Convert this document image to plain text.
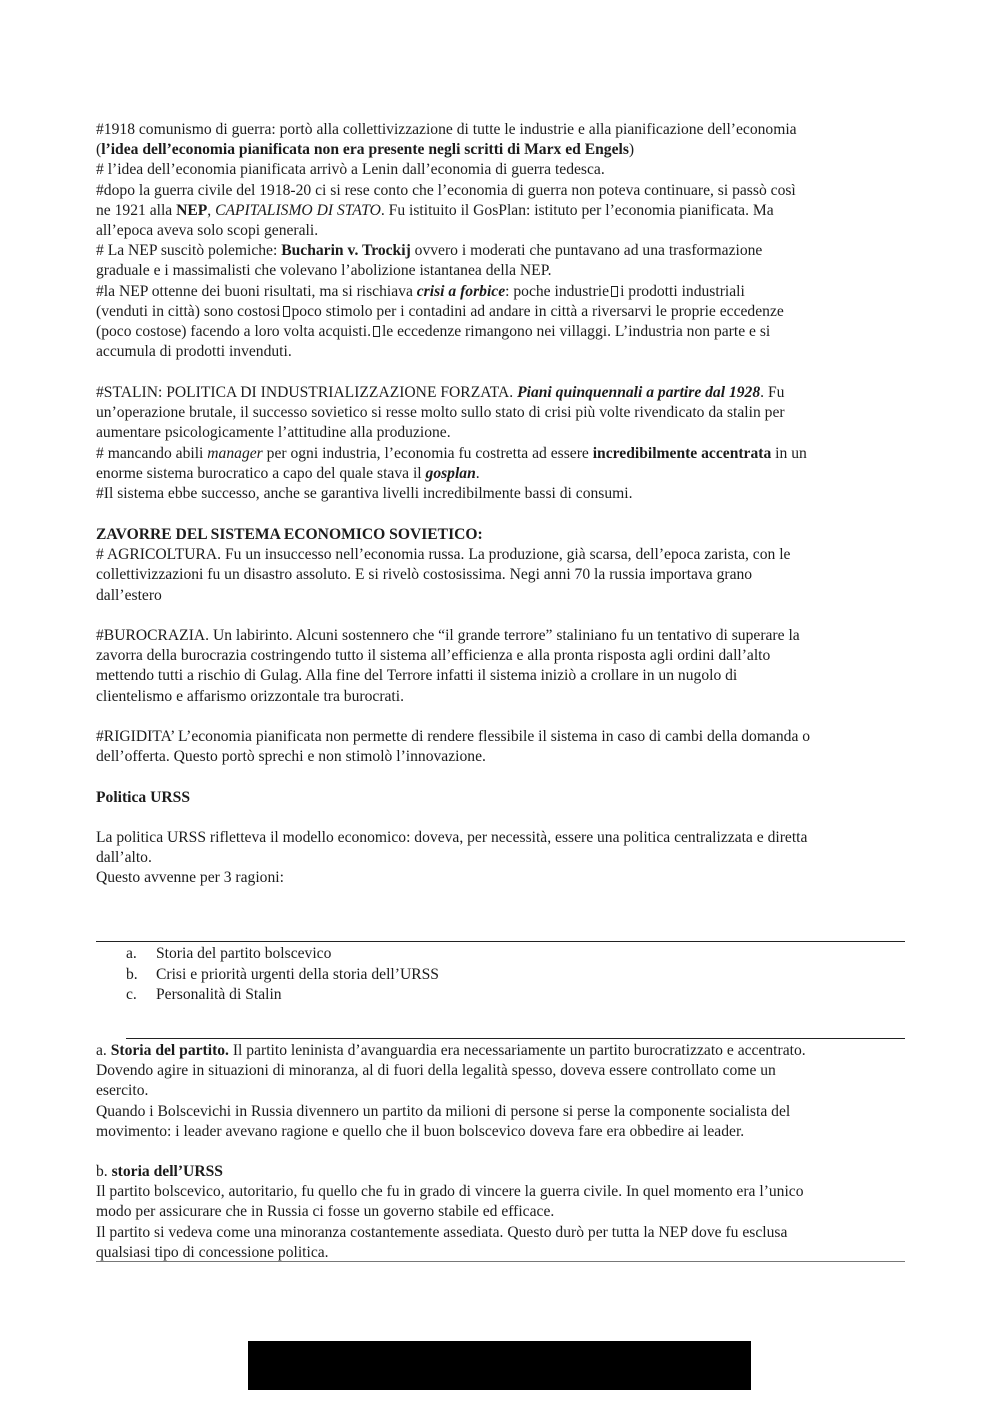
#1918 comunismo di guerra: portò alla collettivizzazione di tutte le industrie e alla pianificazione dell’economia

(l’idea dell’economia pianificata non era presente negli scritti di Marx ed Engels)

# l’idea dell’economia pianificata arrivò a Lenin dall’economia di guerra tedesca.

#dopo la guerra civile del 1918-20 ci si rese conto che l’economia di guerra non poteva continuare, si passò così

ne 1921 alla NEP, CAPITALISMO DI STATO. Fu istituito il GosPlan: istituto per l’economia pianificata. Ma

all’epoca aveva solo scopi generali.

# La NEP suscitò polemiche: Bucharin v. Trockij ovvero i moderati che puntavano ad una trasformazione

graduale e i massimalisti che volevano l’abolizione istantanea della NEP.

#la NEP ottenne dei buoni risultati, ma si rischiava crisi a forbice: poche industrie i prodotti industriali

(venduti in città) sono costosi poco stimolo per i contadini ad andare in città a riversarvi le proprie eccedenze

(poco costose) facendo a loro volta acquisti. le eccedenze rimangono nei villaggi. L’industria non parte e si

accumula di prodotti invenduti.

#STALIN: POLITICA DI INDUSTRIALIZZAZIONE FORZATA. Piani quinquennali a partire dal 1928. Fu

un’operazione brutale, il successo sovietico si resse molto sullo stato di crisi più volte rivendicato da stalin per

aumentare psicologicamente l’attitudine alla produzione.

# mancando abili manager per ogni industria, l’economia fu costretta ad essere incredibilmente accentrata in un

enorme sistema burocratico a capo del quale stava il gosplan.

#Il sistema ebbe successo, anche se garantiva livelli incredibilmente bassi di consumi.

ZAVORRE DEL SISTEMA ECONOMICO SOVIETICO:

# AGRICOLTURA. Fu un insuccesso nell’economia russa. La produzione, già scarsa, dell’epoca zarista, con le

collettivizzazioni fu un disastro assoluto. E si rivelò costosissima. Negi anni 70 la russia importava grano

dall’estero

#BUROCRAZIA. Un labirinto. Alcuni sostennero che “il grande terrore” staliniano fu un tentativo di superare la

zavorra della burocrazia costringendo tutto il sistema all’efficienza e alla pronta risposta agli ordini dall’alto

mettendo tutti a rischio di Gulag. Alla fine del Terrore infatti il sistema iniziò a crollare in un nugolo di

clientelismo e affarismo orizzontale tra burocrati.

#RIGIDITA’ L’economia pianificata non permette di rendere flessibile il sistema in caso di cambi della domanda o

dell’offerta. Questo portò sprechi e non stimolò l’innovazione.

Politica URSS

La politica URSS rifletteva il modello economico: doveva, per necessità, essere una politica centralizzata e diretta

dall’alto.

Questo avvenne per 3 ragioni:

a.	Storia del partito bolscevico
b. Crisi e priorità urgenti della storia dell’URSS
c.	Personalità di Stalin

a. Storia del partito. Il partito leninista d’avanguardia era necessariamente un partito burocratizzato e accentrato.

Dovendo agire in situazioni di minoranza, al di fuori della legalità spesso, doveva essere controllato come un

esercito.

Quando i Bolscevichi in Russia divennero un partito da milioni di persone si perse la componente socialista del

movimento: i leader avevano ragione e quello che il buon bolscevico doveva fare era obbedire ai leader.

b. storia dell’URSS

Il partito bolscevico, autoritario, fu quello che fu in grado di vincere la guerra civile. In quel momento era l’unico

modo per assicurare che in Russia ci fosse un governo stabile ed efficace.

Il partito si vedeva come una minoranza costantemente assediata. Questo durò per tutta la NEP dove fu esclusa

qualsiasi tipo di concessione politica.
